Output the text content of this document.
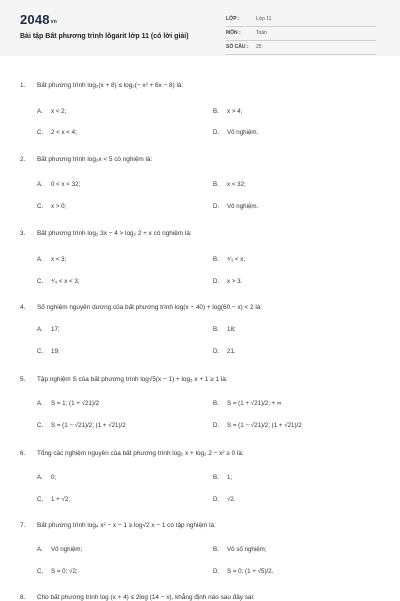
$2048_{vn}$
Bài tập Bất phương trình lôgarit lớp 11 (có lời giải)
LỚP :	Lớp 11
MÔN :	Toán
SỐ CÂU : 25
1. Bất phương trình log₂(x + 8) ≤ log₂(− x² + 6x − 8) là:
A. x < 2;	B. x > 4;
C. 2 < x < 4;	D. Vô nghiệm.
2. Bất phương trình log₂x < 5 có nghiệm là:
A. 0 < x < 32;	B. x < 32;
C. x > 0;	D. Vô nghiệm.
3. Bất phương trình log₂ 3x − 4 > log₂ 2 + x có nghiệm là:
A. x < 3;	B. ⁴⁄₃ < x;
C. ⁴⁄₃ < x < 3;	D. x > 3.
4. Số nghiệm nguyên dương của bất phương trình log(x − 40) + log(60 − x) < 2 là:
A. 17;	B. 18;
C. 19;	D. 21.
5. Tập nghiệm S của bất phương trình log√5(x − 1) + log₅ x + 1 ≥ 1 là:
A. S = 1; (1 + √21)/2	B. S = (1 + √21)/2; + ∞
C. S = (1 − √21)/2; (1 + √21)/2	D. S = (1 − √21)/2; (1 + √21)/2
6. Tổng các nghiệm nguyên của bất phương trình log₂ x + log₂ 2 − x² ≥ 0 là:
A. 0;	B. 1;
C. 1 + √2;	D. √2.
7. Bất phương trình log₄ x² − x − 1 ≥ log√2 x − 1 có tập nghiệm là:
A. Vô nghiệm;	B. Vô số nghiệm;
C. S = 0; √2;	D. S = 0; (1 + √5)/2.
8. Cho bất phương trình log (x + 4) ≤ 2log (14 − x), khẳng định nào sau đây sai:
